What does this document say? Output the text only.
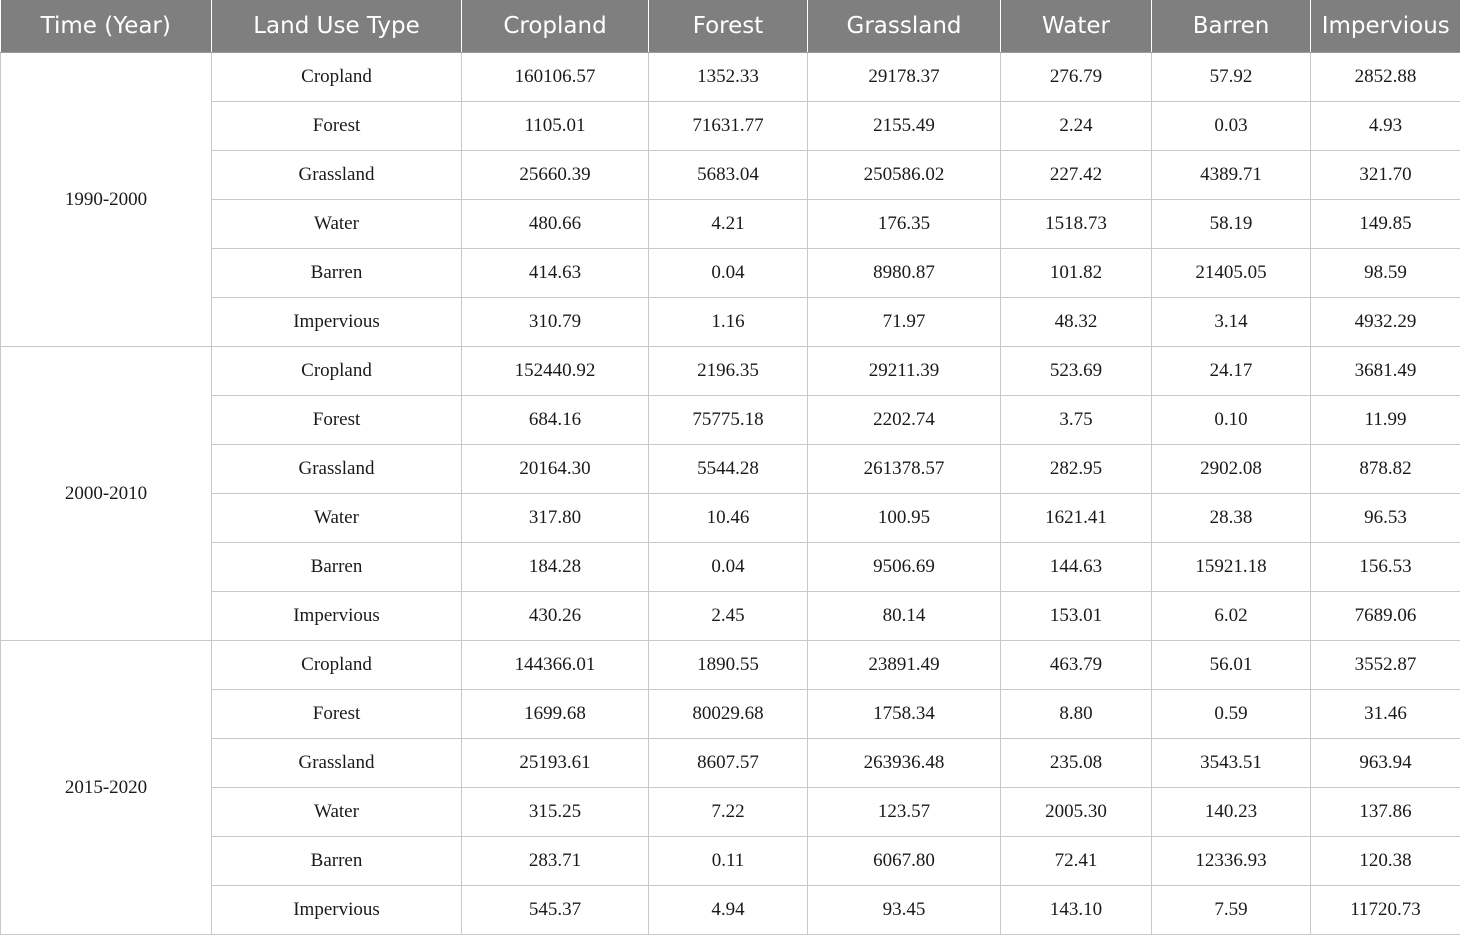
Time (Year)	Land Use Type	Cropland	Forest	Grassland	Water	Barren	Impervious
1990-2000	Cropland	160106.57	1352.33	29178.37	276.79	57.92	2852.88
	Forest	1105.01	71631.77	2155.49	2.24	0.03	4.93
	Grassland	25660.39	5683.04	250586.02	227.42	4389.71	321.70
	Water	480.66	4.21	176.35	1518.73	58.19	149.85
	Barren	414.63	0.04	8980.87	101.82	21405.05	98.59
	Impervious	310.79	1.16	71.97	48.32	3.14	4932.29
2000-2010	Cropland	152440.92	2196.35	29211.39	523.69	24.17	3681.49
	Forest	684.16	75775.18	2202.74	3.75	0.10	11.99
	Grassland	20164.30	5544.28	261378.57	282.95	2902.08	878.82
	Water	317.80	10.46	100.95	1621.41	28.38	96.53
	Barren	184.28	0.04	9506.69	144.63	15921.18	156.53
	Impervious	430.26	2.45	80.14	153.01	6.02	7689.06
2015-2020	Cropland	144366.01	1890.55	23891.49	463.79	56.01	3552.87
	Forest	1699.68	80029.68	1758.34	8.80	0.59	31.46
	Grassland	25193.61	8607.57	263936.48	235.08	3543.51	963.94
	Water	315.25	7.22	123.57	2005.30	140.23	137.86
	Barren	283.71	0.11	6067.80	72.41	12336.93	120.38
	Impervious	545.37	4.94	93.45	143.10	7.59	11720.73
